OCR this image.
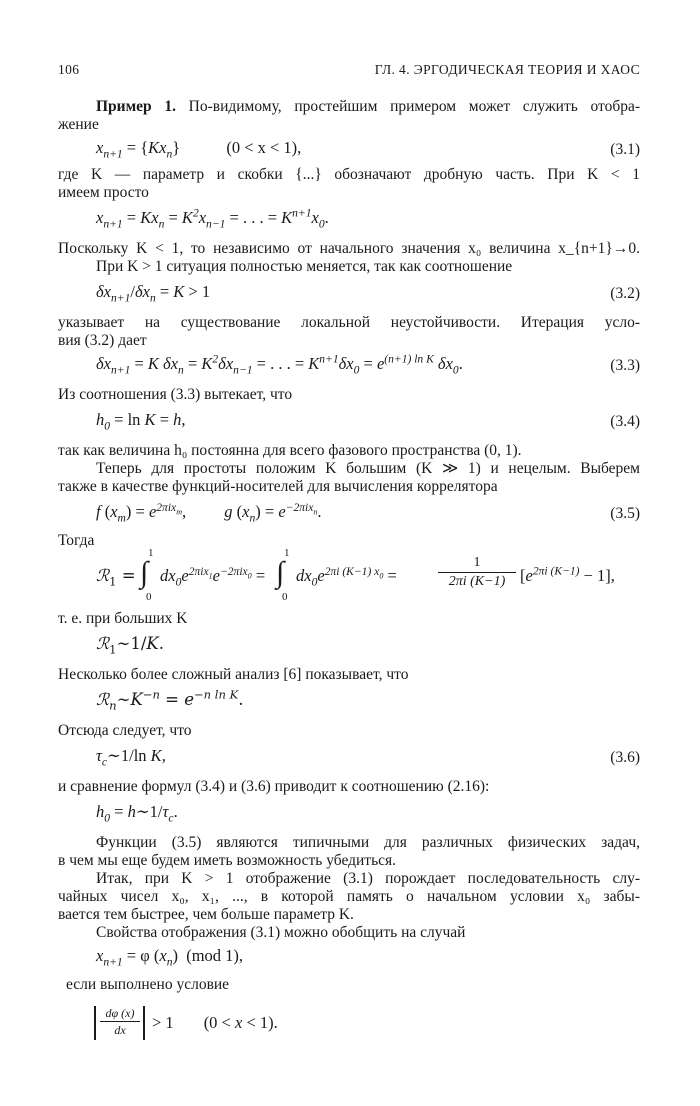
106	ГЛ. 4. ЭРГОДИЧЕСКАЯ ТЕОРИЯ И ХАОС
Пример 1. По-видимому, простейшим примером может служить отобра-
жение
$x_{n+1} = \{Kx_n\}$	(0 < x < 1),	(3.1)
где K — параметр и скобки {...} обозначают дробную часть. При K < 1
имеем просто
$x_{n+1} = Kx_n = K^2x_{n-1}$ = . . . = $K^{n+1}x_0$.
Поскольку K < 1, то независимо от начального значения x₀ величина x_{n+1}→0.
При K > 1 ситуация полностью меняется, так как соотношение
$\delta x_{n+1}/\delta x_n = K > 1$	(3.2)
указывает на существование локальной неустойчивости. Итерация усло-
вия (3.2) дает
$\delta x_{n+1} = K$ $\delta x_n = K^2\delta x_{n-1}$ = . . . = $K^{n+1}\delta x_0 = e^{(n+1) ln K}$ $\delta x_0$.	(3.3)
Из соотношения (3.3) вытекает, что
$h_0 = \ln K = h$,	(3.4)
так как величина h₀ постоянна для всего фазового пространства (0, 1).
Теперь для простоты положим K большим (K ≫ 1) и нецелым. Выберем
также в качестве функций-носителей для вычисления коррелятора
f $(x_m) = e^{2\pi ix_m}$, g $(x_n) = e^{-2\pi ix_n}$.	(3.5)
Тогда
ℛ$_1$ =
1
∫
0
$dx_0e^{2\pi ix_1}e^{-2\pi ix_0}$ =
1
∫
0
$dx_0e^{2\pi i (K-1) x_0}$ =
1
2πi (K−1) $[e^{2\pi i (K-1)} - 1]$,
т. е. при больших K
ℛ$_1$∼1/K.
Несколько более сложный анализ [6] показывает, что
$ℛ_n\sim K^{-n} = e^{-n ln K}$.
Отсюда следует, что
$\tau_c\sim 1/\ln$ K,	(3.6)
и сравнение формул (3.4) и (3.6) приводит к соотношению (2.16):
$h_0$ = $h\sim 1/\tau_c$.
Функции (3.5) являются типичными для различных физических задач,
в чем мы еще будем иметь возможность убедиться.
Итак, при K > 1 отображение (3.1) порождает последовательность слу-
чайных чисел x₀, x₁, ..., в которой память о начальном условии x₀ забы-
вается тем быстрее, чем больше параметр K.
Свойства отображения (3.1) можно обобщить на случай
$x_{n+1} = \varphi$ $(x_n)$  (mod 1),
если выполнено условие
dφ (x)
dx	> 1 (0 < x < 1).
